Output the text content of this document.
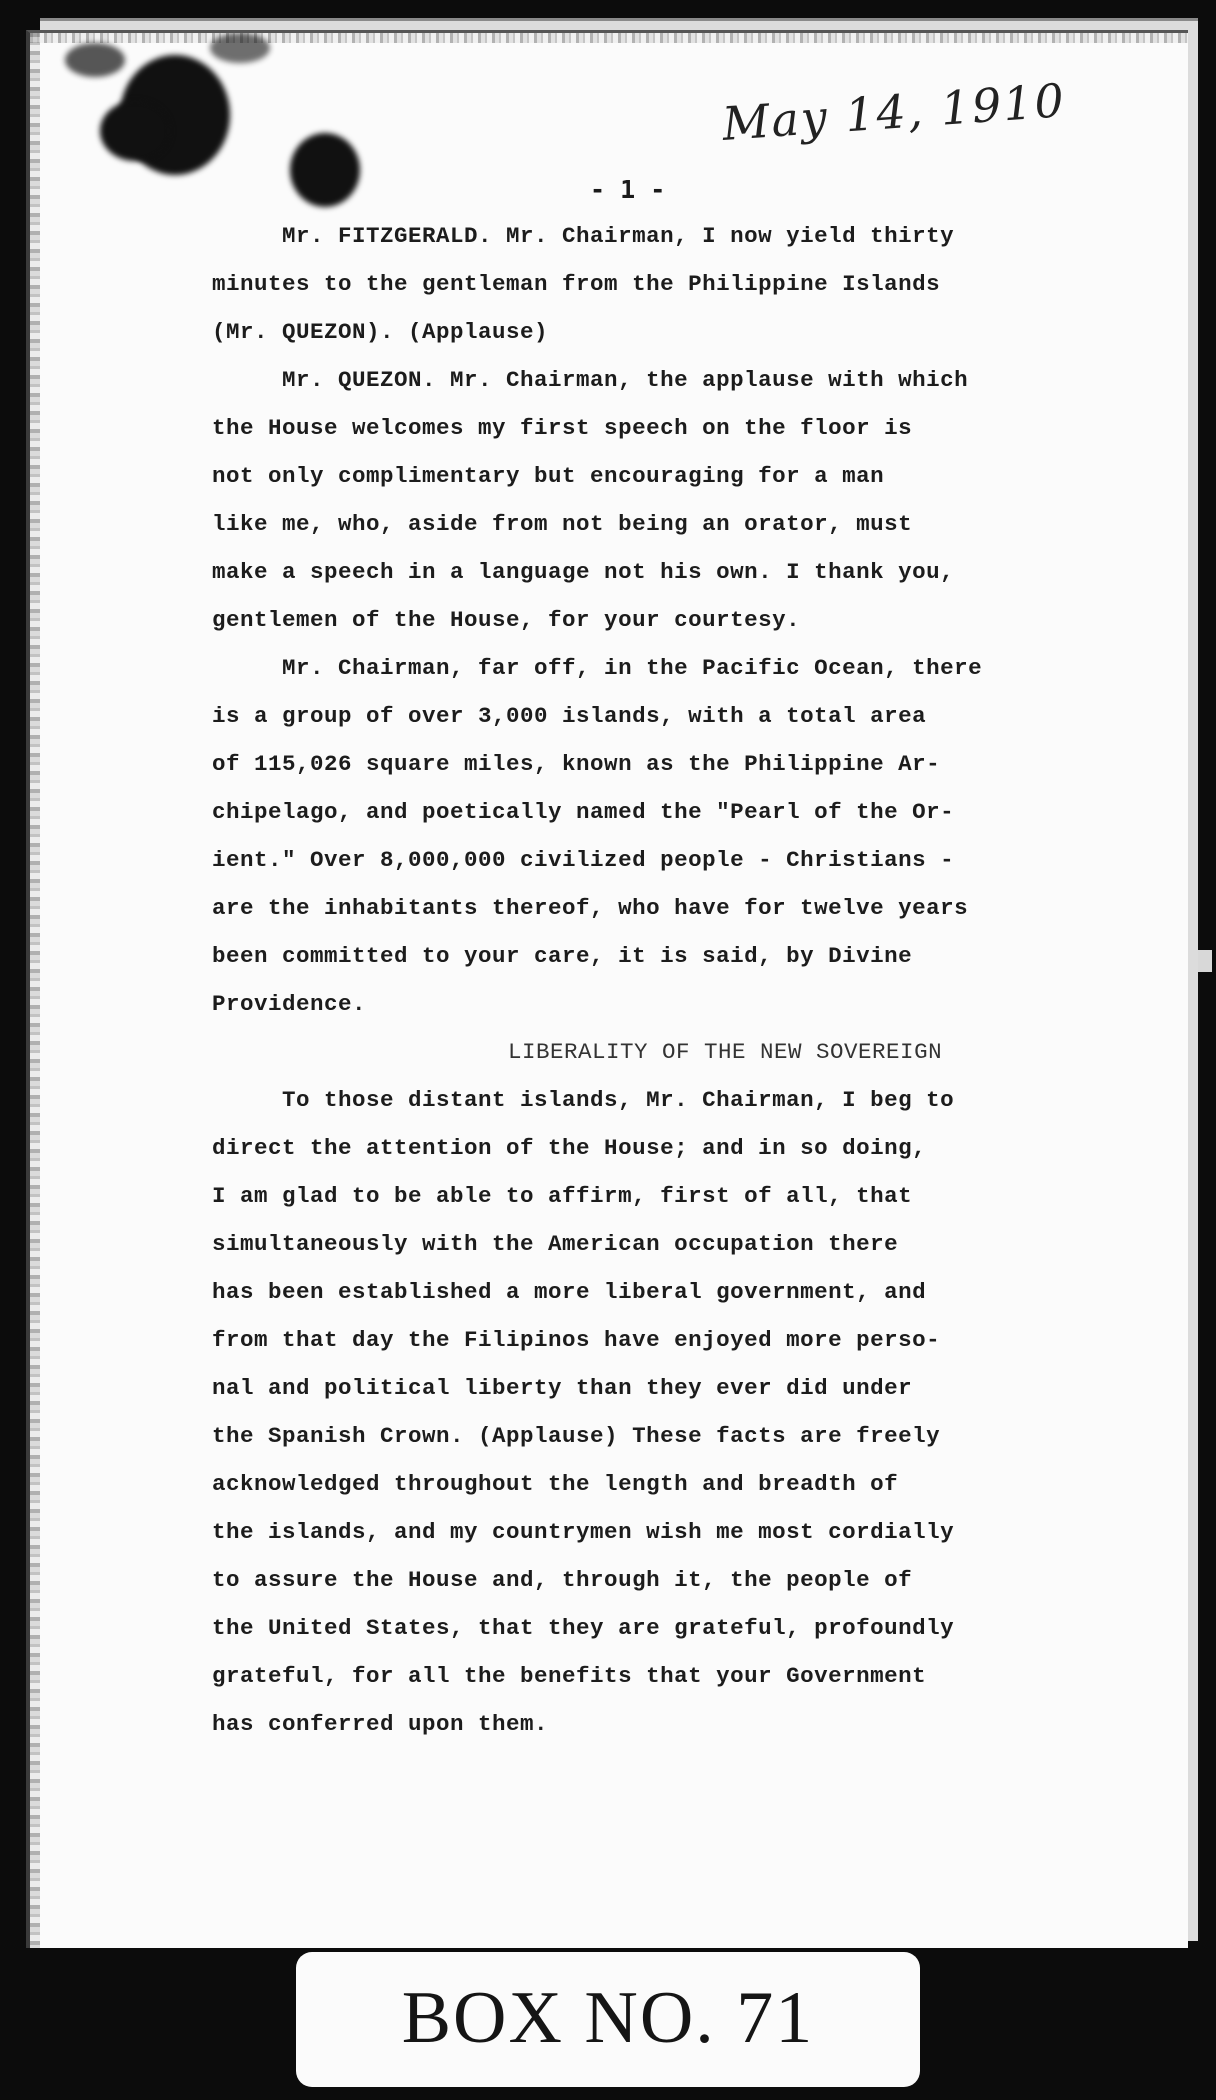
May 14, 1910

- 1 -

Mr. FITZGERALD. Mr. Chairman, I now yield thirty

minutes to the gentleman from the Philippine Islands

(Mr. QUEZON). (Applause)

Mr. QUEZON. Mr. Chairman, the applause with which

the House welcomes my first speech on the floor is

not only complimentary but encouraging for a man

like me, who, aside from not being an orator, must

make a speech in a language not his own. I thank you,

gentlemen of the House, for your courtesy.

Mr. Chairman, far off, in the Pacific Ocean, there

is a group of over 3,000 islands, with a total area

of 115,026 square miles, known as the Philippine Ar-

chipelago, and poetically named the "Pearl of the Or-

ient." Over 8,000,000 civilized people - Christians -

are the inhabitants thereof, who have for twelve years

been committed to your care, it is said, by Divine

Providence.

LIBERALITY OF THE NEW SOVEREIGN

To those distant islands, Mr. Chairman, I beg to

direct the attention of the House; and in so doing,

I am glad to be able to affirm, first of all, that

simultaneously with the American occupation there

has been established a more liberal government, and

from that day the Filipinos have enjoyed more perso-

nal and political liberty than they ever did under

the Spanish Crown. (Applause) These facts are freely

acknowledged throughout the length and breadth of

the islands, and my countrymen wish me most cordially

to assure the House and, through it, the people of

the United States, that they are grateful, profoundly

grateful, for all the benefits that your Government

has conferred upon them.

BOX NO. 71
